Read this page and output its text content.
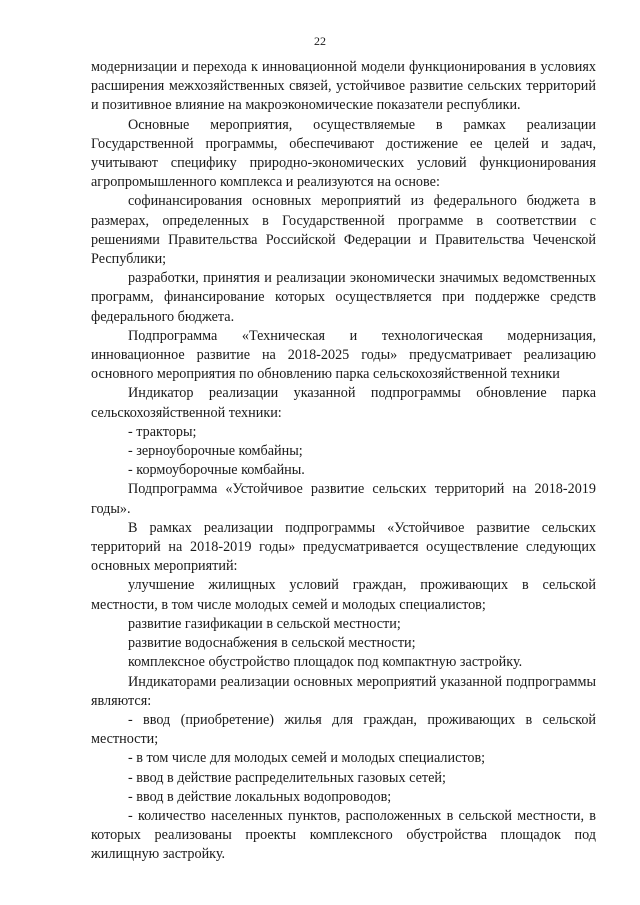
22

модернизации и перехода к инновационной модели функционирования в условиях расширения межхозяйственных связей, устойчивое развитие сельских территорий и позитивное влияние на макроэкономические показатели республики.

Основные мероприятия, осуществляемые в рамках реализации Государственной программы, обеспечивают достижение ее целей и задач, учитывают специфику природно-экономических условий функционирования агропромышленного комплекса и реализуются на основе:

софинансирования основных мероприятий из федерального бюджета в размерах, определенных в Государственной программе в соответствии с решениями Правительства Российской Федерации и Правительства Чеченской Республики;

разработки, принятия и реализации экономически значимых ведомственных программ, финансирование которых осуществляется при поддержке средств федерального бюджета.

Подпрограмма «Техническая и технологическая модернизация, инновационное развитие на 2018-2025 годы» предусматривает реализацию основного мероприятия по обновлению парка сельскохозяйственной техники

Индикатор реализации указанной подпрограммы обновление парка сельскохозяйственной техники:

- тракторы;

- зерноуборочные комбайны;

- кормоуборочные комбайны.

Подпрограмма «Устойчивое развитие сельских территорий на 2018-2019 годы».

В рамках реализации подпрограммы «Устойчивое развитие сельских территорий на 2018-2019 годы» предусматривается осуществление следующих основных мероприятий:

улучшение жилищных условий граждан, проживающих в сельской местности, в том числе молодых семей и молодых специалистов;

развитие газификации в сельской местности;

развитие водоснабжения в сельской местности;

комплексное обустройство площадок под компактную застройку.

Индикаторами реализации основных мероприятий указанной подпрограммы являются:

- ввод (приобретение) жилья для граждан, проживающих в сельской местности;

- в том числе для молодых семей и молодых специалистов;

- ввод в действие распределительных газовых сетей;

- ввод в действие локальных водопроводов;

- количество населенных пунктов, расположенных в сельской местности, в которых реализованы проекты комплексного обустройства площадок под жилищную застройку.
